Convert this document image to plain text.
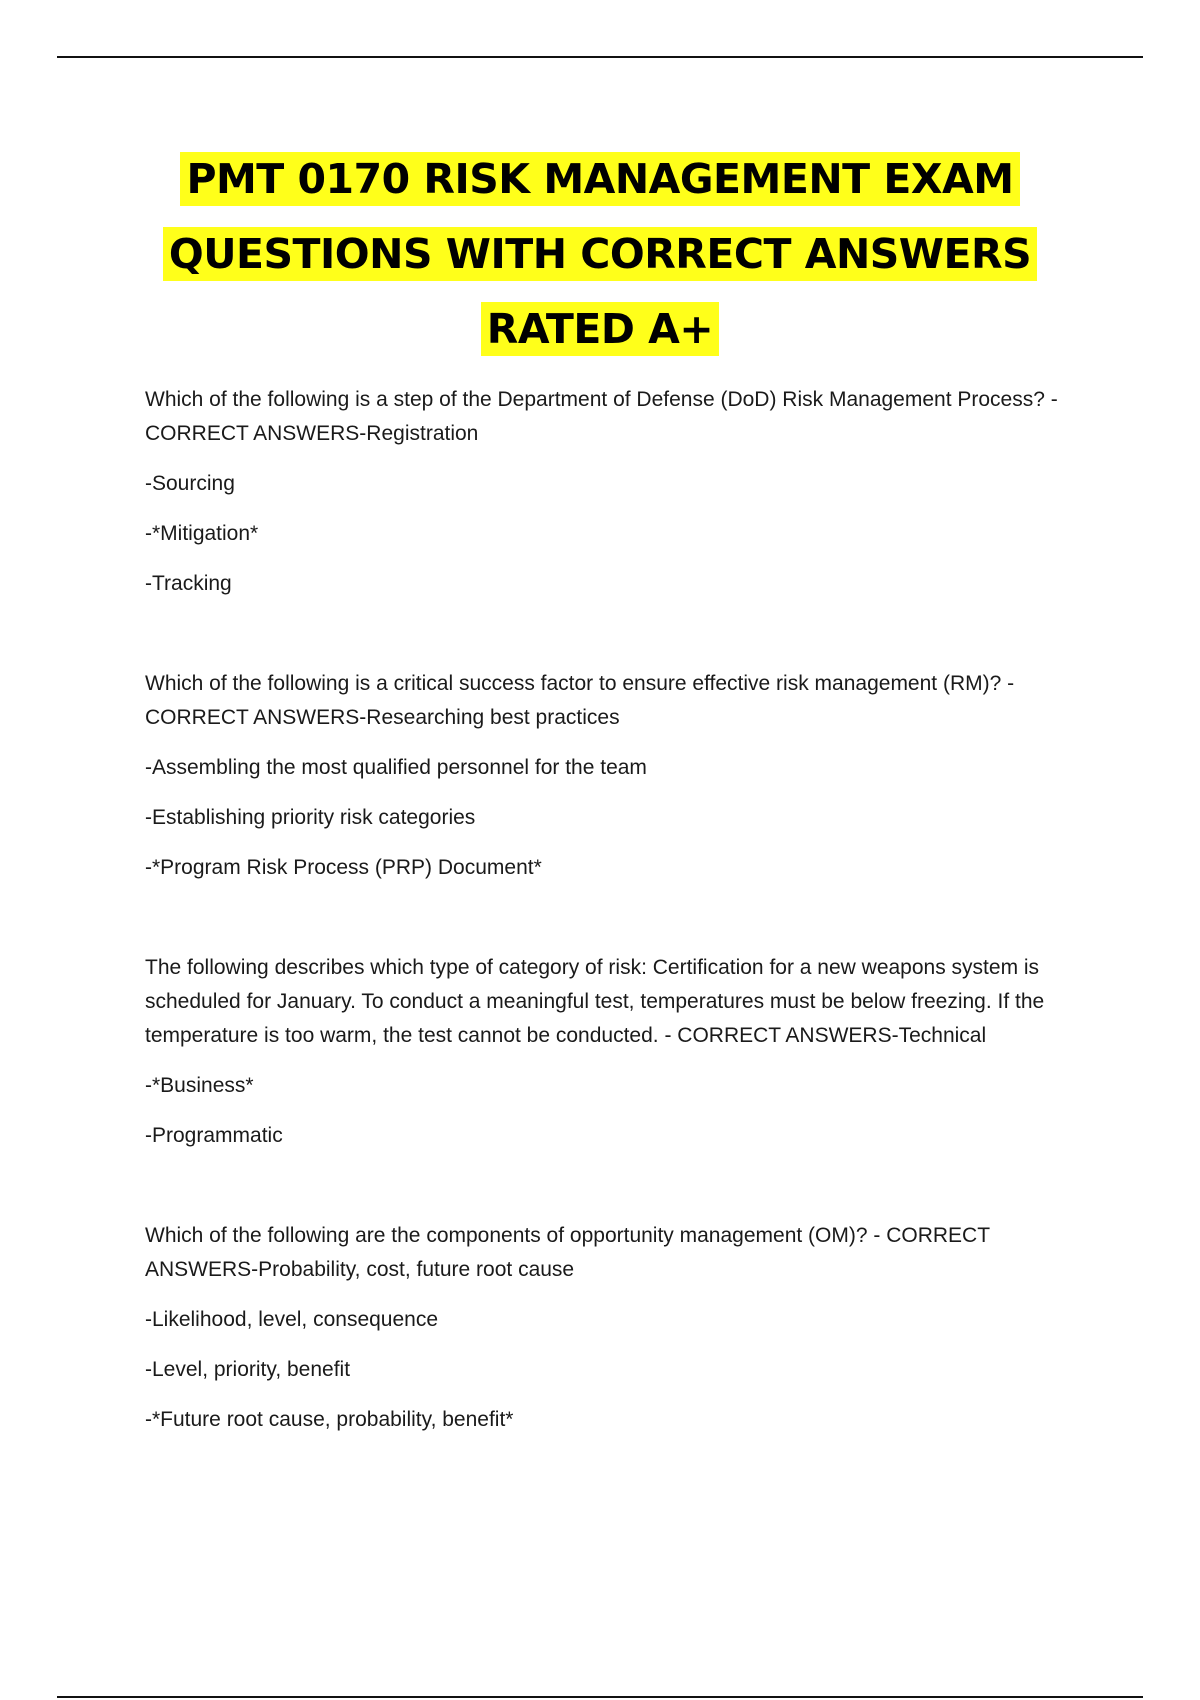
PMT 0170 RISK MANAGEMENT EXAM
QUESTIONS WITH CORRECT ANSWERS
RATED A+

Which of the following is a step of the Department of Defense (DoD) Risk Management Process? - CORRECT ANSWERS-Registration

-Sourcing

-*Mitigation*

-Tracking

Which of the following is a critical success factor to ensure effective risk management (RM)? - CORRECT ANSWERS-Researching best practices

-Assembling the most qualified personnel for the team

-Establishing priority risk categories

-*Program Risk Process (PRP) Document*

The following describes which type of category of risk: Certification for a new weapons system is scheduled for January. To conduct a meaningful test, temperatures must be below freezing. If the temperature is too warm, the test cannot be conducted. - CORRECT ANSWERS-Technical

-*Business*

-Programmatic

Which of the following are the components of opportunity management (OM)? - CORRECT ANSWERS-Probability, cost, future root cause

-Likelihood, level, consequence

-Level, priority, benefit

-*Future root cause, probability, benefit*
